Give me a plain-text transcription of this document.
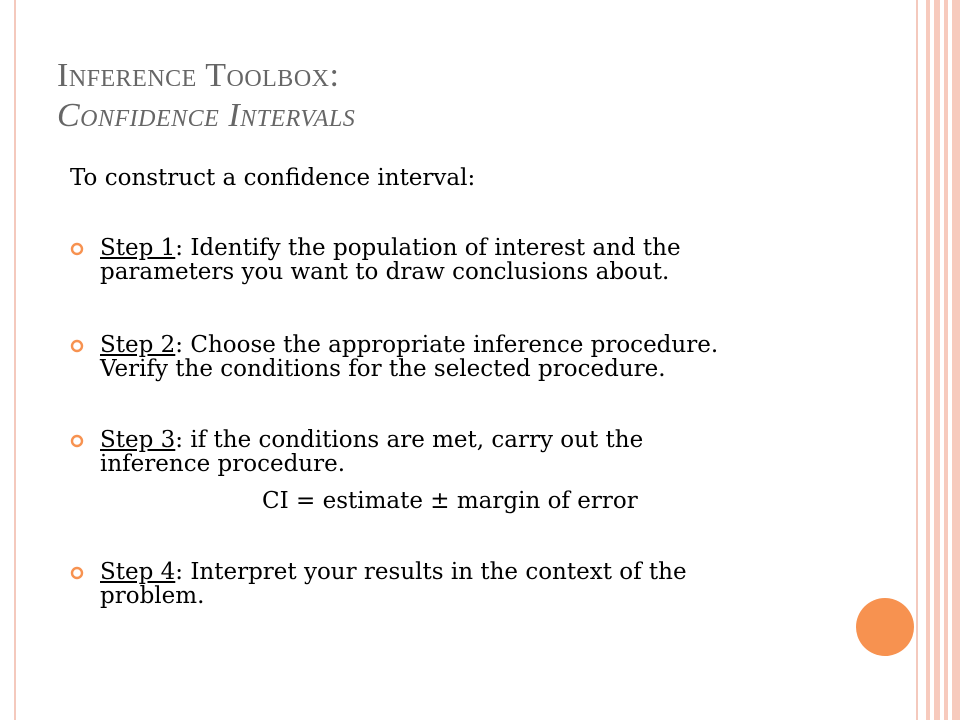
Inference Toolbox:
Confidence Intervals
To construct a confidence interval:
Step 1: Identify the population of interest and the
parameters you want to draw conclusions about.
Step 2: Choose the appropriate inference procedure.
Verify the conditions for the selected procedure.
Step 3: if the conditions are met, carry out the
inference procedure.
CI = estimate ± margin of error
Step 4: Interpret your results in the context of the
problem.
